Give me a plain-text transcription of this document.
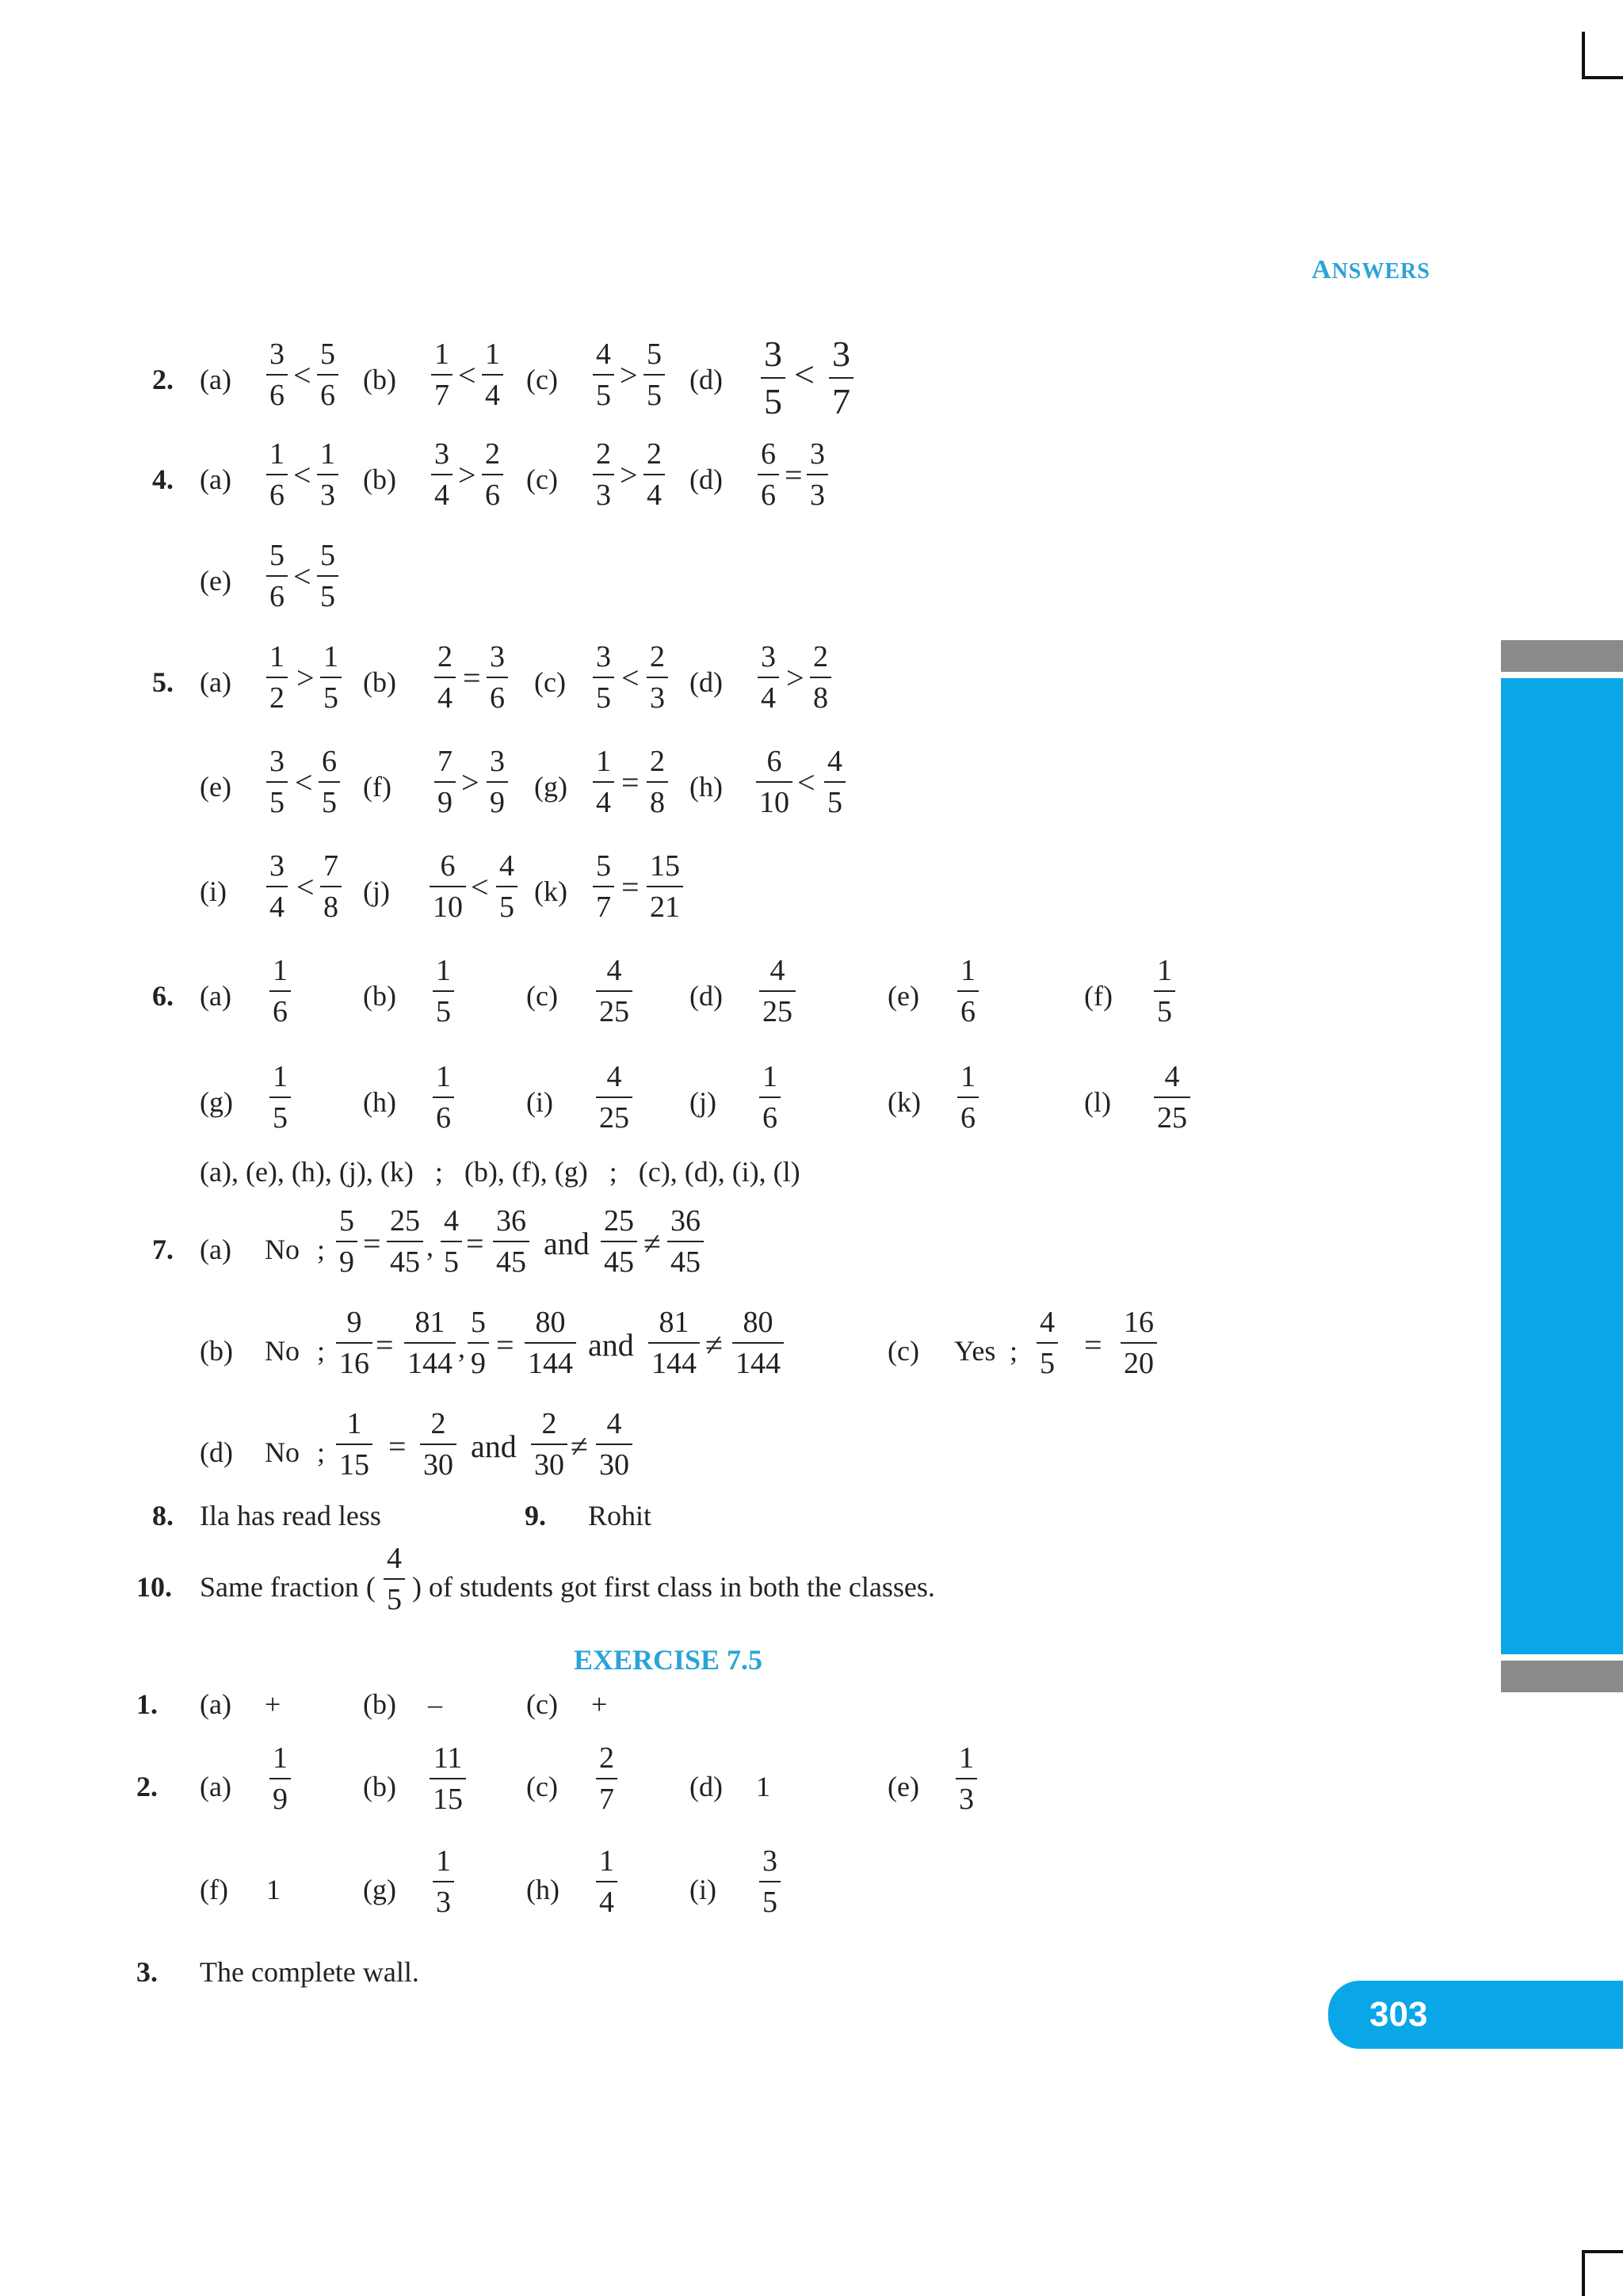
ANSWERS
303
2. $(a) \frac{3}{6} < \frac{5}{6} (b) \frac{1}{7} < \frac{1}{4} (c) \frac{4}{5} > \frac{5}{5} (d) \frac{3}{5} < \frac{3}{7}$
4. $(a) \frac{1}{6} < \frac{1}{3} (b) \frac{3}{4} > \frac{2}{6} (c) \frac{2}{3} > \frac{2}{4} (d) \frac{6}{6} = \frac{3}{3}$
$(e) \frac{5}{6} < \frac{5}{5}$
5. $(a) \frac{1}{2} > \frac{1}{5} (b) \frac{2}{4} = \frac{3}{6} (c) \frac{3}{5} < \frac{2}{3} (d) \frac{3}{4} > \frac{2}{8}$
$(e) \frac{3}{5} < \frac{6}{5} (f) \frac{7}{9} > \frac{3}{9} (g) \frac{1}{4} = \frac{2}{8} (h) \frac{6}{10} < \frac{4}{5}$
$(i) \frac{3}{4} < \frac{7}{8} (j) \frac{6}{10} < \frac{4}{5} (k) \frac{5}{7} = \frac{15}{21}$
6. $(a) \frac{1}{6}$	$(b) \frac{1}{5}$	$(c) \frac{4}{25} (d) \frac{4}{25}$	$(e) \frac{1}{6}$	$(f) \frac{1}{5}$
$(g) \frac{1}{5}$	$(h) \frac{1}{6}$	$(i) \frac{4}{25} (j) \frac{1}{6}$	$(k) \frac{1}{6}$	$(l) \frac{4}{25}$
(a), (e), (h), (j), (k)   ;   (b), (f), (g)   ;   (c), (d), (i), (l)
7. (a) No ; $\frac{5}{9} = \frac{25}{45}$ , $\frac{4}{5} = \frac{36}{45}$ and $\frac{25}{45} \ne \frac{36}{45}$
(b) No ; $\frac{9}{16} = \frac{81}{144}$ , $\frac{5}{9} = \frac{80}{144}$ and $\frac{81}{144} \ne \frac{80}{144}$	(c) Yes ; $\frac{4}{5} = \frac{16}{20}$
(d) No ; $\frac{1}{15} = \frac{2}{30}$ and $\frac{2}{30} \ne \frac{4}{30}$
8. Ila has read less	9. Rohit
10. Same fraction ( $\frac{4}{5}$ ) of students got first class in both the classes.
EXERCISE 7.5
1. (a) +	(b) –	(c) +
2. $(a) \frac{1}{9}$	$(b) \frac{11}{15} (c) \frac{2}{7}$	(d) 1	$(e) \frac{1}{3}$
(f) 1	$(g) \frac{1}{3}$	$(h) \frac{1}{4}$	$(i) \frac{3}{5}$
3. The complete wall.
